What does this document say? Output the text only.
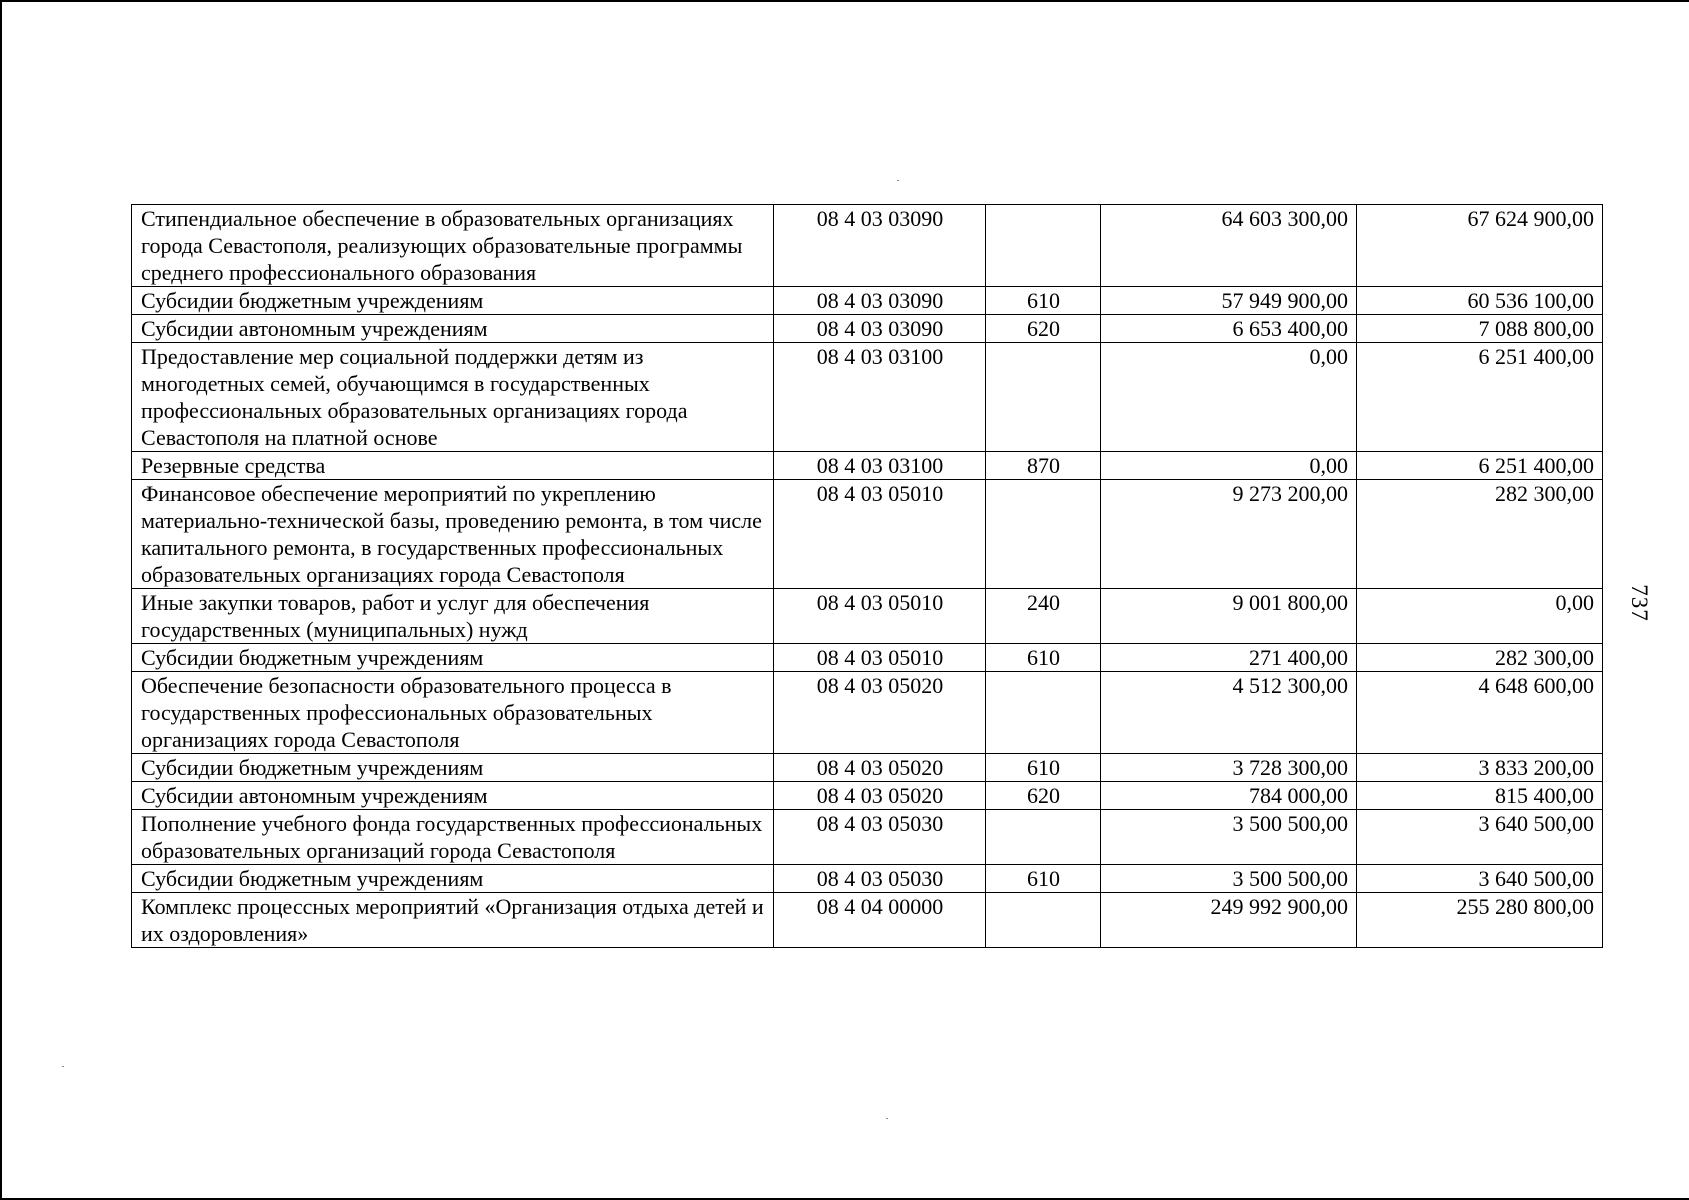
737
Стипендиальное обеспечение в образовательных организациях города Севастополя, реализующих образовательные программы среднего профессионального образования	08 4 03 03090		64 603 300,00	67 624 900,00
Субсидии бюджетным учреждениям	08 4 03 03090	610	57 949 900,00	60 536 100,00
Субсидии автономным учреждениям	08 4 03 03090	620	6 653 400,00	7 088 800,00
Предоставление мер социальной поддержки детям из многодетных семей, обучающимся в государственных профессиональных образовательных организациях города Севастополя на платной основе	08 4 03 03100		0,00	6 251 400,00
Резервные средства	08 4 03 03100	870	0,00	6 251 400,00
Финансовое обеспечение мероприятий по укреплению материально-технической базы, проведению ремонта, в том числе капитального ремонта, в государственных профессиональных образовательных организациях города Севастополя	08 4 03 05010		9 273 200,00	282 300,00
Иные закупки товаров, работ и услуг для обеспечения государственных (муниципальных) нужд	08 4 03 05010	240	9 001 800,00	0,00
Субсидии бюджетным учреждениям	08 4 03 05010	610	271 400,00	282 300,00
Обеспечение безопасности образовательного процесса в государственных профессиональных образовательных организациях города Севастополя	08 4 03 05020		4 512 300,00	4 648 600,00
Субсидии бюджетным учреждениям	08 4 03 05020	610	3 728 300,00	3 833 200,00
Субсидии автономным учреждениям	08 4 03 05020	620	784 000,00	815 400,00
Пополнение учебного фонда государственных профессиональных образовательных организаций города Севастополя	08 4 03 05030		3 500 500,00	3 640 500,00
Субсидии бюджетным учреждениям	08 4 03 05030	610	3 500 500,00	3 640 500,00
Комплекс процессных мероприятий «Организация отдыха детей и их оздоровления»	08 4 04 00000		249 992 900,00	255 280 800,00
